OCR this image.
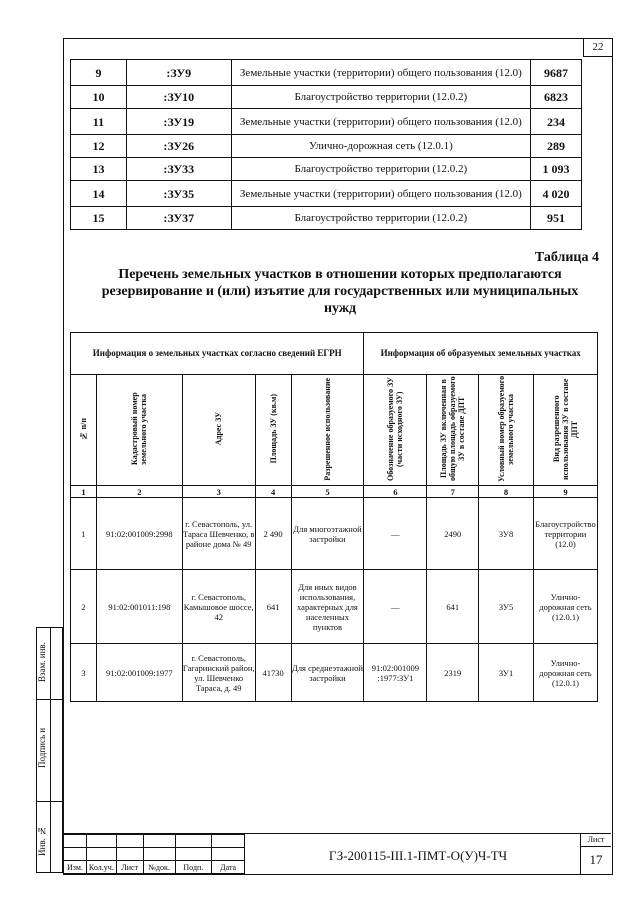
22
9	:ЗУ9	Земельные участки (территории) общего пользования (12.0)	9687
10	:ЗУ10	Благоустройство территории (12.0.2)	6823
11	:ЗУ19	Земельные участки (территории) общего пользования (12.0)	234
12	:ЗУ26	Улично-дорожная сеть (12.0.1)	289
13	:ЗУ33	Благоустройство территории (12.0.2)	1 093
14	:ЗУ35	Земельные участки (территории) общего пользования (12.0)	4 020
15	:ЗУ37	Благоустройство территории (12.0.2)	951
Таблица 4
Перечень земельных участков в отношении которых предполагаются резервирование и (или) изъятие для государственных или муниципальных нужд
Информация о земельных участках согласно сведений ЕГРН					Информация об образуемых земельных участках			
№ п/п	Кадастровый номер земельного участка	Адрес ЗУ	Площадь ЗУ (кв.м)	Разрешенное использование	Обозначение образуемого ЗУ (части исходного ЗУ)	Площадь ЗУ включенная в общую площадь образуемого ЗУ в составе ДПТ	Условный номер образуемого земельного участка	Вид разрешенного использования ЗУ в составе ДПТ
1	2	3	4	5	6	7	8	9
1	91:02:001009:2998	г. Севастополь, ул. Тараса Шевченко, в районе дома № 49	2 490	Для многоэтажной застройки	—	2490	ЗУ8	Благоустройство территории (12.0)
2	91:02:001011:198	г. Севастополь, Камышовое шоссе, 42	641	Для иных видов использования, характерных для населенных пунктов	—	641	ЗУ5	Улично-дорожная сеть (12.0.1)
3	91:02:001009:1977	г. Севастополь, Гагаринский район, ул. Шевченко Тараса, д. 49	41730	Для среднеэтажной застройки	91:02:001009 :1977:ЗУ1	2319	ЗУ1	Улично-дорожная сеть (12.0.1)
Взам. инв.
Подпись и
Инв. №

Изм.	Кол.уч.	Лист	№док.	Подп.	Дата
ГЗ-200115-III.1-ПМТ-О(У)Ч-ТЧ
Лист
17
